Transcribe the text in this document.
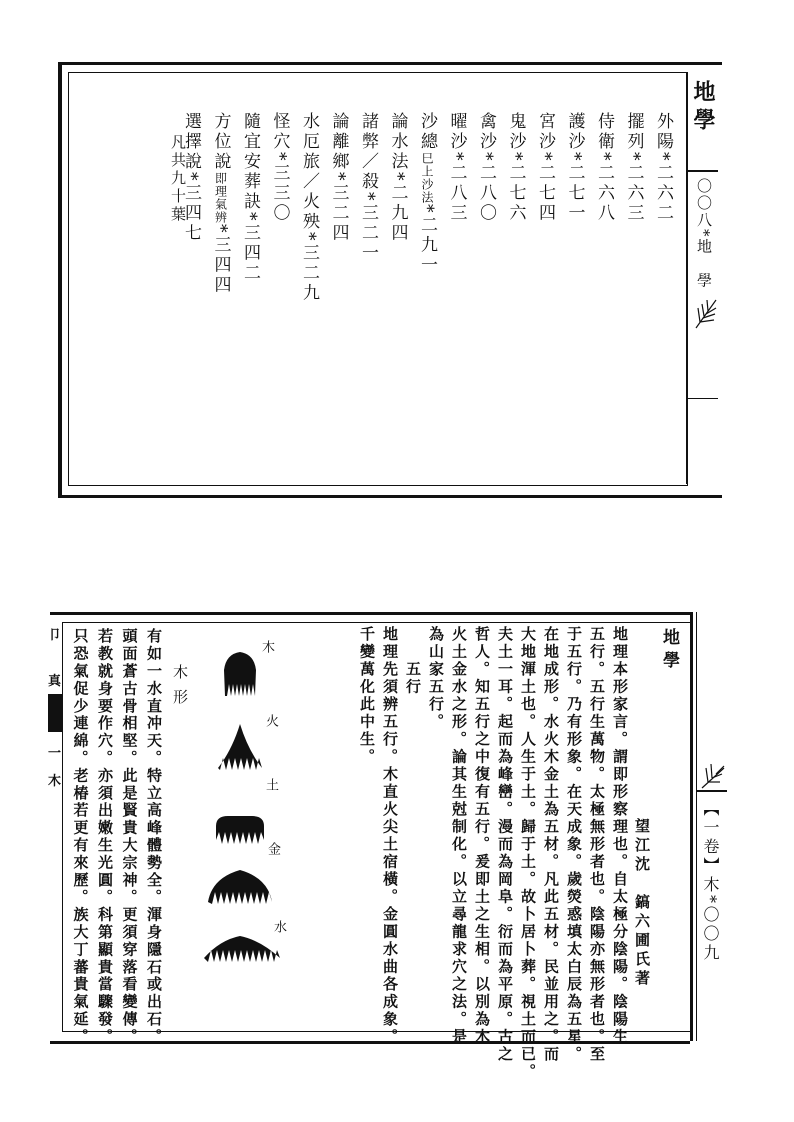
地學
〇〇八*地　學
外陽*二六二
擺列*二六三
侍衛*二六八
護沙*二七一
宮沙*二七四
鬼沙*二七六
禽沙*二八〇
曜沙*二八三
沙總巳上沙法*二九一
論水法*二九四
諸弊／殺*三二一
論離鄉*三二四
水厄旅／火殃*三二九
怪穴*三三〇
隨宜安葬訣*三四二
方位說即理氣辨*三四四
選擇說*三四七
凡共九十葉
卩
真
一
木
【一卷】木*〇〇九
地理本形家言。謂即形察理也。自太極分陰陽。陰陽生
五行。五行生萬物。太極無形者也。陰陽亦無形者也。至
于五行。乃有形象。在天成象。歲熒惑填太白辰為五星。
在地成形。水火木金土為五材。凡此五材。民並用之。而
大地渾土也。人生于土。歸于土。故卜居卜葬。視土而已。
夫土一耳。起而為峰巒。漫而為岡阜。衍而為平原。古之
哲人。知五行之中復有五行。爰即土之生相。以別為木
火土金水之形。論其生尅制化。以立尋龍求穴之法。是
為山家五行。
　　五行
地理先須辨五行。木直火尖土宿橫。金圓水曲各成象。
千變萬化此中生。	地學
望江沈　鎬六圃氏著
木
火
土
金
水
木形
有如一水直冲天。特立高峰體勢全。渾身隱石或出石。
頭面蒼古骨相堅。此是賢貴大宗神。更須穿落看變傳。
若教就身要作穴。亦須出嫩生光圓。科第顯貴當驟發。
只恐氣促少連綿。老椿若更有來歷。族大丁蕃貴氣延。
